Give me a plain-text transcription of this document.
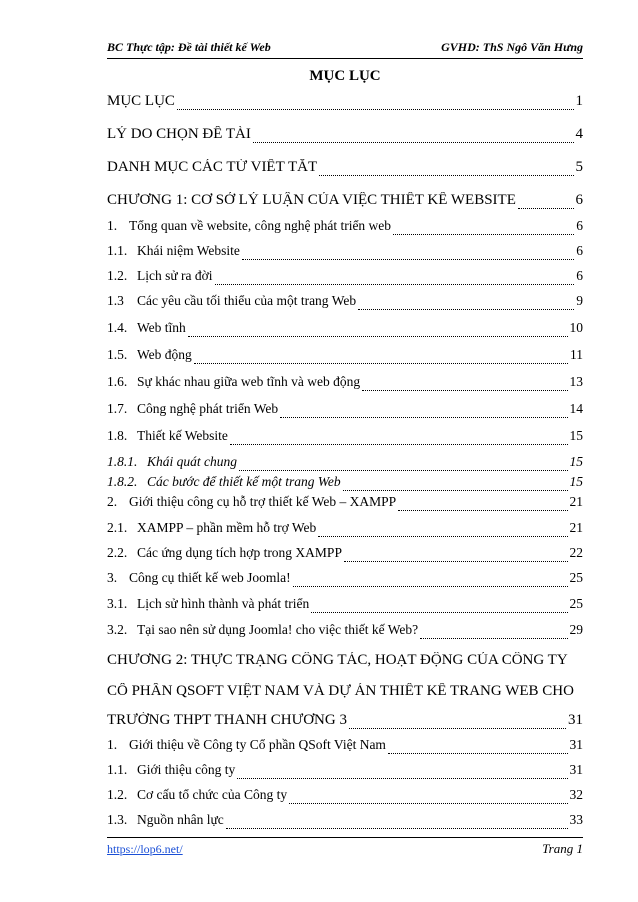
BC Thực tập: Đề tài thiết kế Web	GVHD: ThS Ngô Văn Hưng
MỤC LỤC
MỤC LỤC	1
LÝ DO CHỌN ĐỀ TÀI	4
DANH MỤC CÁC TỪ VIẾT TẮT	5
CHƯƠNG 1: CƠ SỞ LÝ LUẬN CỦA VIỆC THIẾT KẾ WEBSITE	6
1. Tổng quan về website, công nghệ phát triển web	6
1.1. Khái niệm Website	6
1.2. Lịch sử ra đời	6
1.3 Các yêu cầu tối thiểu của một trang Web	9
1.4. Web tĩnh	10
1.5. Web động	11
1.6. Sự khác nhau giữa web tĩnh và web động	13
1.7. Công nghệ phát triển Web	14
1.8. Thiết kế Website	15
1.8.1. Khái quát chung	15
1.8.2. Các bước để thiết kế một trang Web	15
2. Giới thiệu công cụ hỗ trợ thiết kế Web – XAMPP	21
2.1. XAMPP – phần mềm hỗ trợ Web	21
2.2. Các ứng dụng tích hợp trong XAMPP	22
3. Công cụ thiết kế web Joomla!	25
3.1. Lịch sử hình thành và phát triển	25
3.2. Tại sao nên sử dụng Joomla! cho việc thiết kế Web?	29
CHƯƠNG 2: THỰC TRẠNG CÔNG TÁC, HOẠT ĐỘNG CỦA CÔNG TY
CỔ PHẦN QSOFT VIỆT NAM VÀ DỰ ÁN THIẾT KẾ TRANG WEB CHO
TRƯỜNG THPT THANH CHƯƠNG 3	31
1. Giới thiệu về Công ty Cổ phần QSoft Việt Nam	31
1.1. Giới thiệu công ty	31
1.2. Cơ cấu tổ chức của Công ty	32
1.3. Nguồn nhân lực	33
https://lop6.net/	Trang 1
